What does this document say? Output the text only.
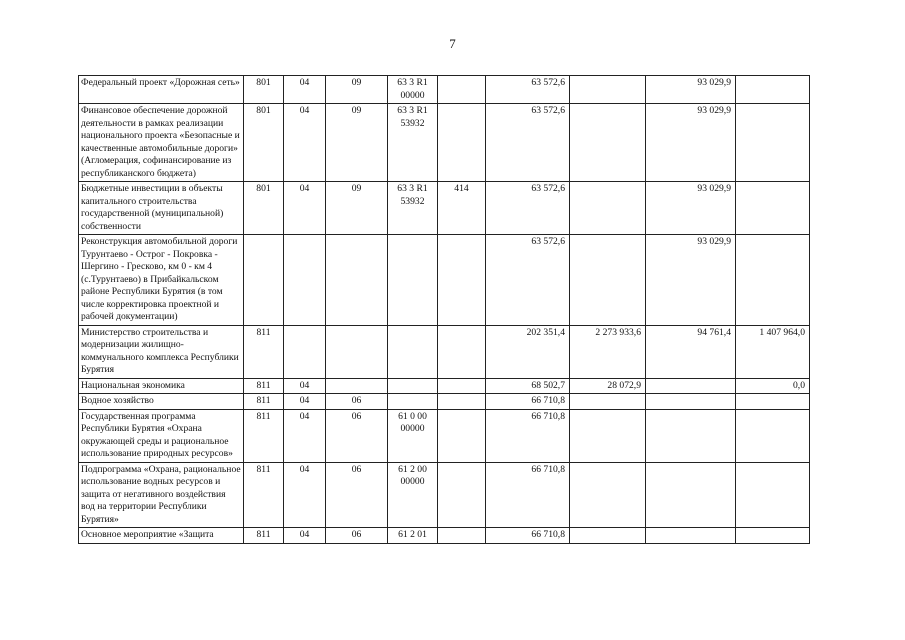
7
Федеральный проект «Дорожная сеть»	801	04	09	63 3 R1 00000		63 572,6		93 029,9	
Финансовое обеспечение дорожной деятельности в рамках реализации национального проекта «Безопасные и качественные автомобильные дороги» (Агломерация, софинансирование из республиканского бюджета)	801	04	09	63 3 R1 53932		63 572,6		93 029,9	
Бюджетные инвестиции в объекты капитального строительства государственной (муниципальной) собственности	801	04	09	63 3 R1 53932	414	63 572,6		93 029,9	
Реконструкция автомобильной дороги Турунтаево - Острог - Покровка - Шергино - Гресково, км 0 - км 4 (с.Турунтаево) в Прибайкальском районе Республики Бурятия (в том числе корректировка проектной и рабочей документации)						63 572,6		93 029,9	
Министерство строительства и модернизации жилищно-коммунального комплекса Республики Бурятия	811					202 351,4	2 273 933,6	94 761,4	1 407 964,0
Национальная экономика	811	04				68 502,7	28 072,9		0,0
Водное хозяйство	811	04	06			66 710,8			
Государственная программа Республики Бурятия «Охрана окружающей среды и рациональное использование природных ресурсов»	811	04	06	61 0 00 00000		66 710,8			
Подпрограмма «Охрана, рациональное использование водных ресурсов и защита от негативного воздействия вод на территории Республики Бурятия»	811	04	06	61 2 00 00000		66 710,8			
Основное мероприятие «Защита	811	04	06	61 2 01		66 710,8			
